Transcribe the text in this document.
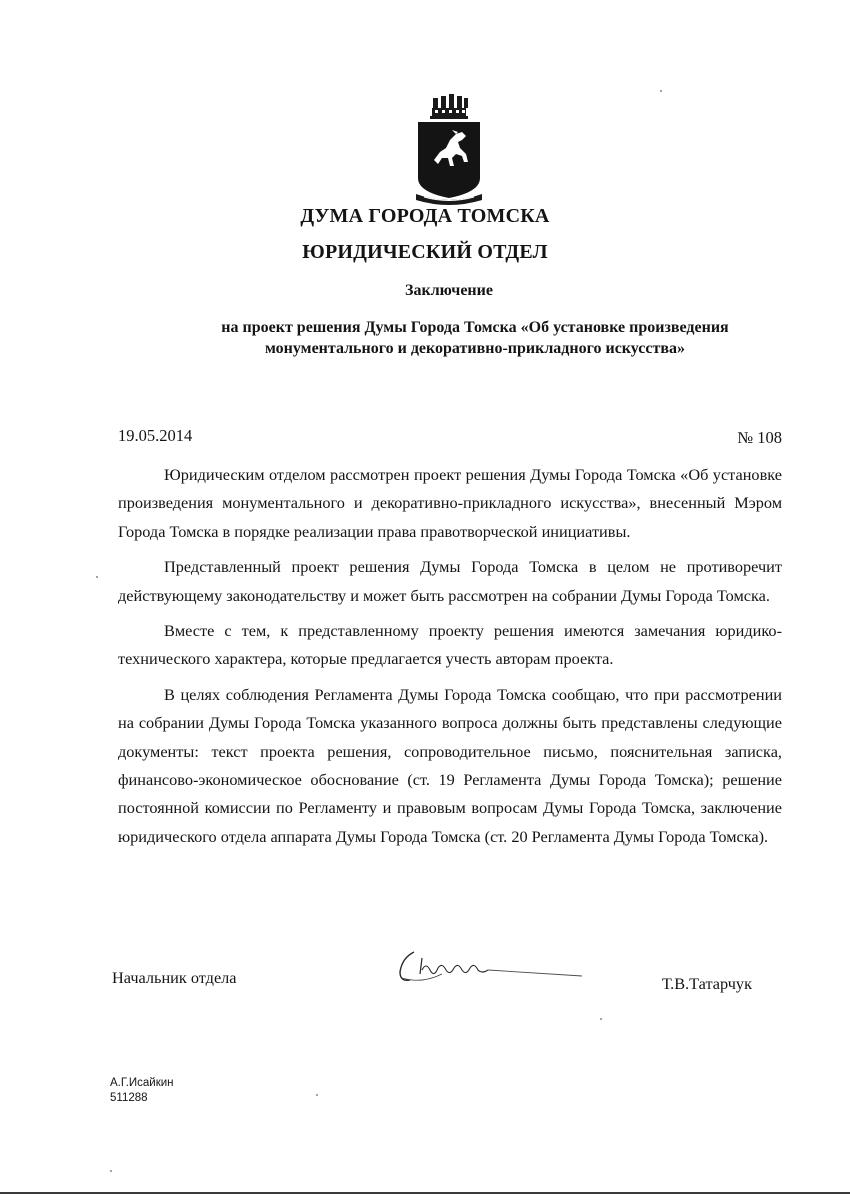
ДУМА ГОРОДА ТОМСКА
ЮРИДИЧЕСКИЙ ОТДЕЛ
Заключение
на проект решения Думы Города Томска «Об установке произведения
монументального и декоративно-прикладного искусства»
19.05.2014	№ 108

Юридическим отделом рассмотрен проект решения Думы Города Томска «Об установке произведения монументального и декоративно-прикладного искусства», внесенный Мэром Города Томска в порядке реализации права правотворческой инициативы.

Представленный проект решения Думы Города Томска в целом не противоречит действующему законодательству и может быть рассмотрен на собрании Думы Города Томска.

Вместе с тем, к представленному проекту решения имеются замечания юридико-технического характера, которые предлагается учесть авторам проекта.

В целях соблюдения Регламента Думы Города Томска сообщаю, что при рассмотрении на собрании Думы Города Томска указанного вопроса должны быть представлены следующие документы: текст проекта решения, сопроводительное письмо, пояснительная записка, финансово-экономическое обоснование (ст. 19 Регламента Думы Города Томска); решение постоянной комиссии по Регламенту и правовым вопросам Думы Города Томска, заключение юридического отдела аппарата Думы Города Томска (ст. 20 Регламента Думы Города Томска).

Начальник отдела	Т.В.Татарчук
А.Г.Исайкин
511288
